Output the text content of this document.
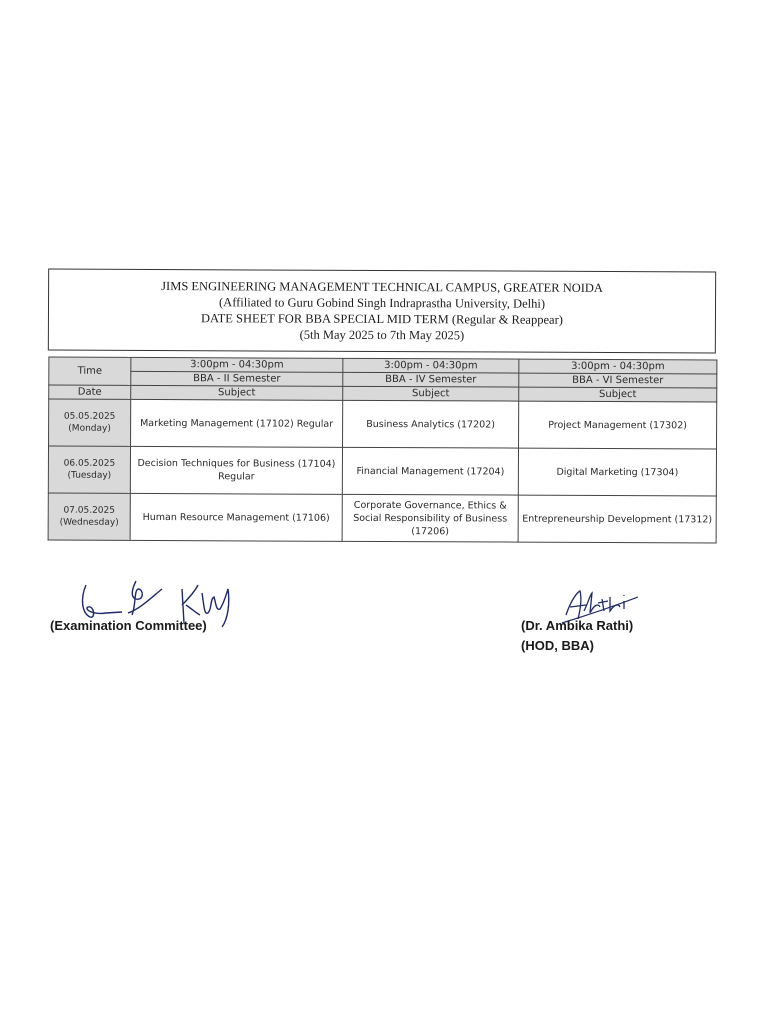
JIMS ENGINEERING MANAGEMENT TECHNICAL CAMPUS, GREATER NOIDA
(Affiliated to Guru Gobind Singh Indraprastha University, Delhi)
DATE SHEET FOR BBA SPECIAL MID TERM (Regular & Reappear)
(5th May 2025 to 7th May 2025)
Time	3:00pm - 04:30pm	3:00pm - 04:30pm	3:00pm - 04:30pm
	BBA - II Semester	BBA - IV Semester	BBA - VI Semester
Date	Subject	Subject	Subject
05.05.2025
(Monday)	Marketing Management (17102) Regular	Business Analytics (17202)	Project Management (17302)
06.05.2025
(Tuesday)	Decision Techniques for Business (17104) Regular	Financial Management (17204)	Digital Marketing (17304)
07.05.2025
(Wednesday)	Human Resource Management (17106)	Corporate Governance, Ethics & Social Responsibility of Business (17206)	Entrepreneurship Development (17312)
(Examination Committee)	(Dr. Ambika Rathi)
(HOD, BBA)
